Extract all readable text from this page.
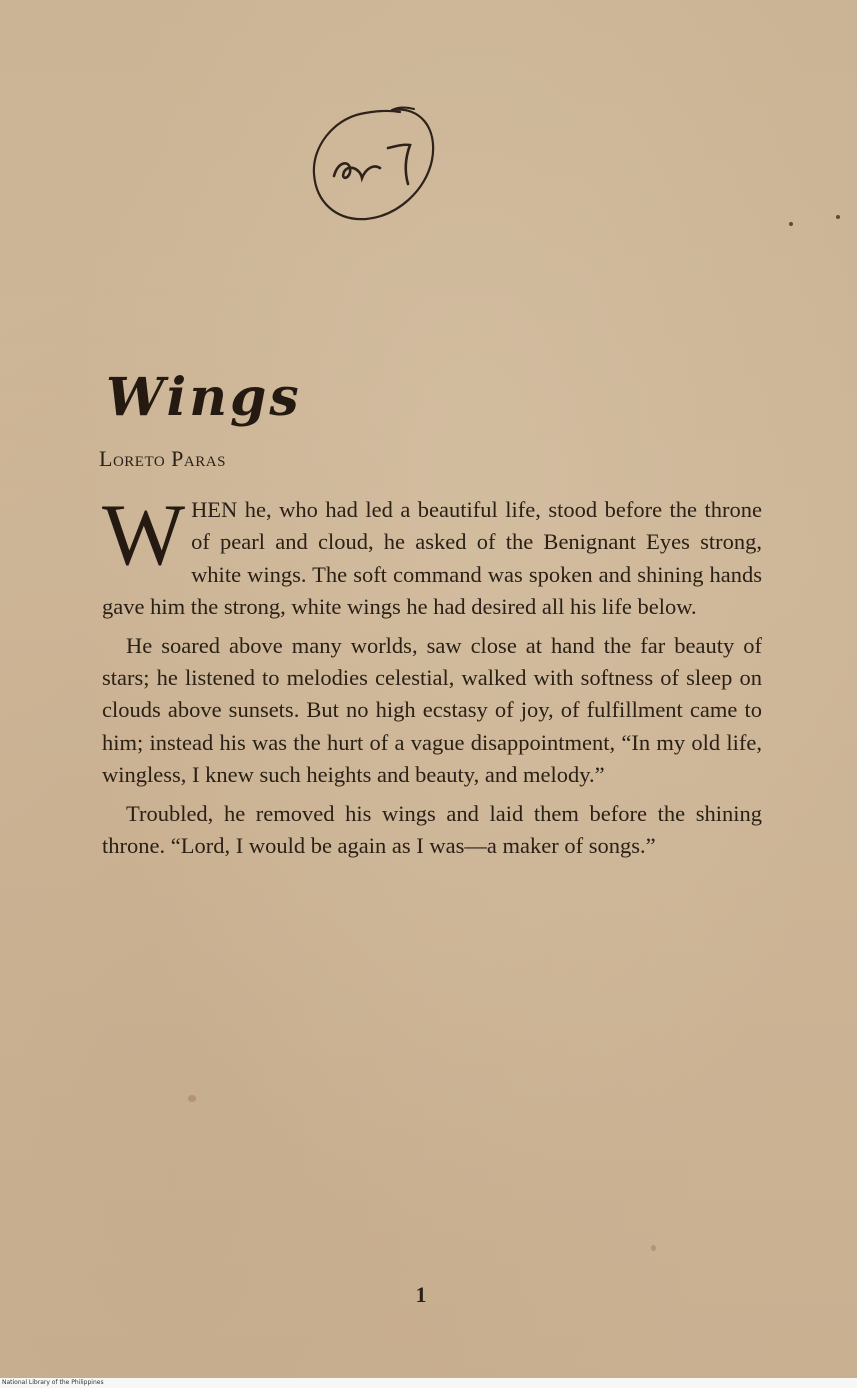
Wings

Loreto Paras

WHEN he, who had led a beautiful life, stood before the throne of pearl and cloud, he asked of the Benignant Eyes strong, white wings. The soft command was spoken and shining hands gave him the strong, white wings he had desired all his life below.

He soared above many worlds, saw close at hand the far beauty of stars; he listened to melodies celestial, walked with softness of sleep on clouds above sunsets. But no high ecstasy of joy, of fulfillment came to him; instead his was the hurt of a vague disappointment, “In my old life, wingless, I knew such heights and beauty, and melody.”

Troubled, he removed his wings and laid them before the shining throne. “Lord, I would be again as I was—a maker of songs.”

1

National Library of the Philippines
